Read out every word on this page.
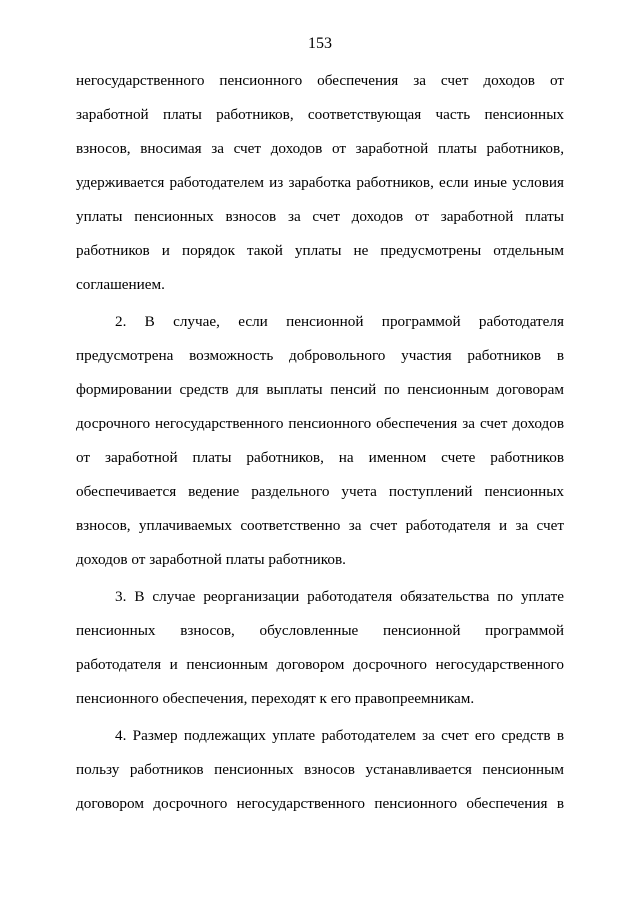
153
негосударственного пенсионного обеспечения за счет доходов от
заработной платы работников, соответствующая часть пенсионных
взносов, вносимая за счет доходов от заработной платы работников,
удерживается работодателем из заработка работников, если иные условия
уплаты пенсионных взносов за счет доходов от заработной платы
работников и порядок такой уплаты не предусмотрены отдельным
соглашением.
2. В случае, если пенсионной программой работодателя
предусмотрена возможность добровольного участия работников в
формировании средств для выплаты пенсий по пенсионным договорам
досрочного негосударственного пенсионного обеспечения за счет доходов
от заработной платы работников, на именном счете работников
обеспечивается ведение раздельного учета поступлений пенсионных
взносов, уплачиваемых соответственно за счет работодателя и за счет
доходов от заработной платы работников.
3. В случае реорганизации работодателя обязательства по уплате
пенсионных взносов, обусловленные пенсионной программой
работодателя и пенсионным договором досрочного негосударственного
пенсионного обеспечения, переходят к его правопреемникам.
4. Размер подлежащих уплате работодателем за счет его средств в
пользу работников пенсионных взносов устанавливается пенсионным
договором досрочного негосударственного пенсионного обеспечения в
